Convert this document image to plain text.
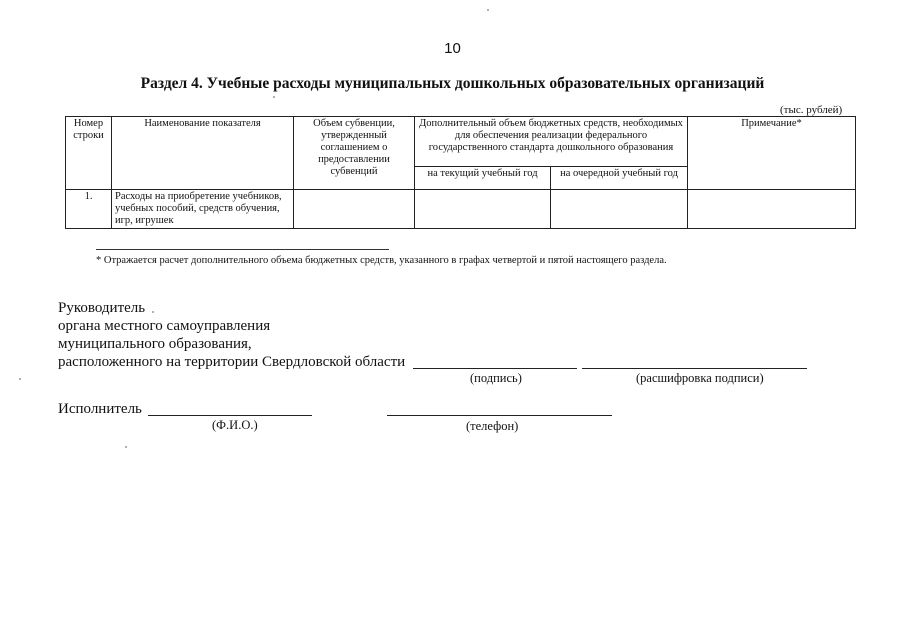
10
Раздел 4. Учебные расходы муниципальных дошкольных образовательных организаций
(тыс. рублей)
Номер строки	Наименование показателя	Объем субвенции, утвержденный соглашением о предоставлении субвенций	Дополнительный объем бюджетных средств, необходимых для обеспечения реализации федерального государственного стандарта дошкольного образования		Примечание*
			на текущий учебный год	на очередной учебный год	
1.	Расходы на приобретение учебников, учебных пособий, средств обучения, игр, игрушек				
* Отражается расчет дополнительного объема бюджетных средств, указанного в графах четвертой и пятой настоящего раздела.
Руководитель
органа местного самоуправления
муниципального образования,
расположенного на территории Свердловской области
(подпись)	(расшифровка подписи)
Исполнитель
(Ф.И.О.)	(телефон)
